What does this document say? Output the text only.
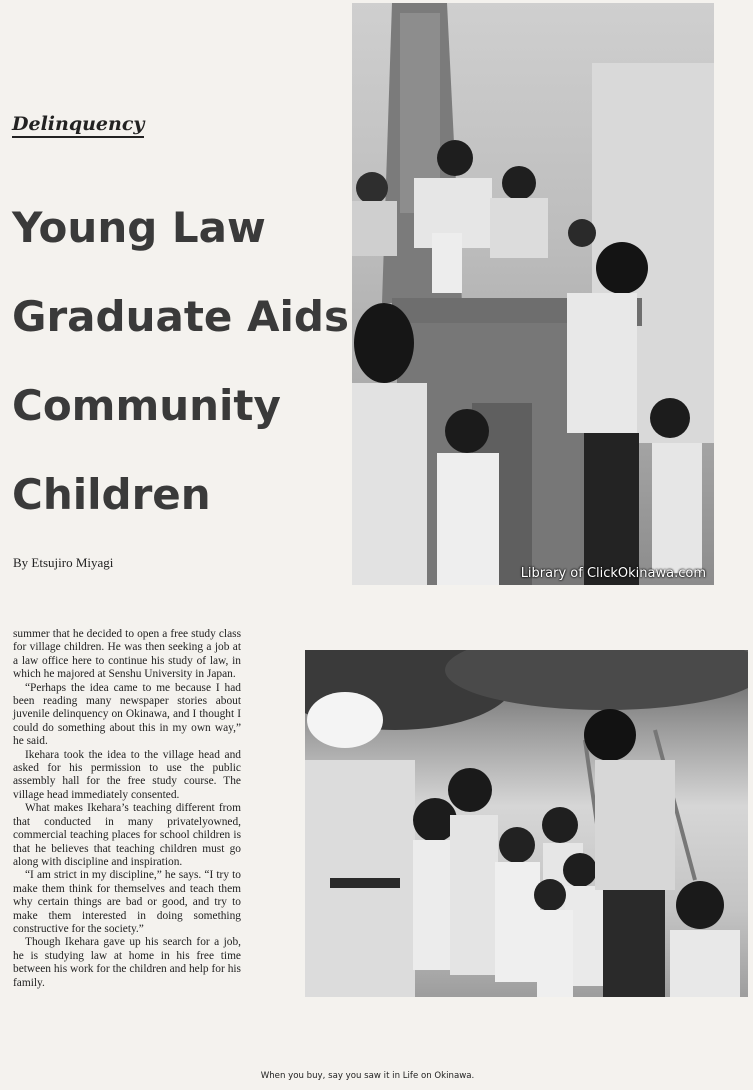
Delinquency
Young Law
Graduate Aids
Community
Children
By Etsujiro Miyagi
Library of ClickOkinawa.com

summer that he decided to open a free study class for village children. He was then seeking a job at a law office here to continue his study of law, in which he majored at Senshu University in Japan.

“Perhaps the idea came to me because I had been reading many newspaper stories about juvenile delinquency on Okinawa, and I thought I could do something about this in my own way,” he said.

Ikehara took the idea to the village head and asked for his permission to use the public assembly hall for the free study course. The village head immediately consented.

What makes Ikehara’s teaching different from that conducted in many privatelyowned, commercial teaching places for school children is that he believes that teaching children must go along with discipline and inspiration.

“I am strict in my discipline,” he says. “I try to make them think for themselves and teach them why certain things are bad or good, and try to make them interested in doing something constructive for the society.”

Though Ikehara gave up his search for a job, he is studying law at home in his free time between his work for the children and help for his family.

When you buy, say you saw it in Life on Okinawa.
